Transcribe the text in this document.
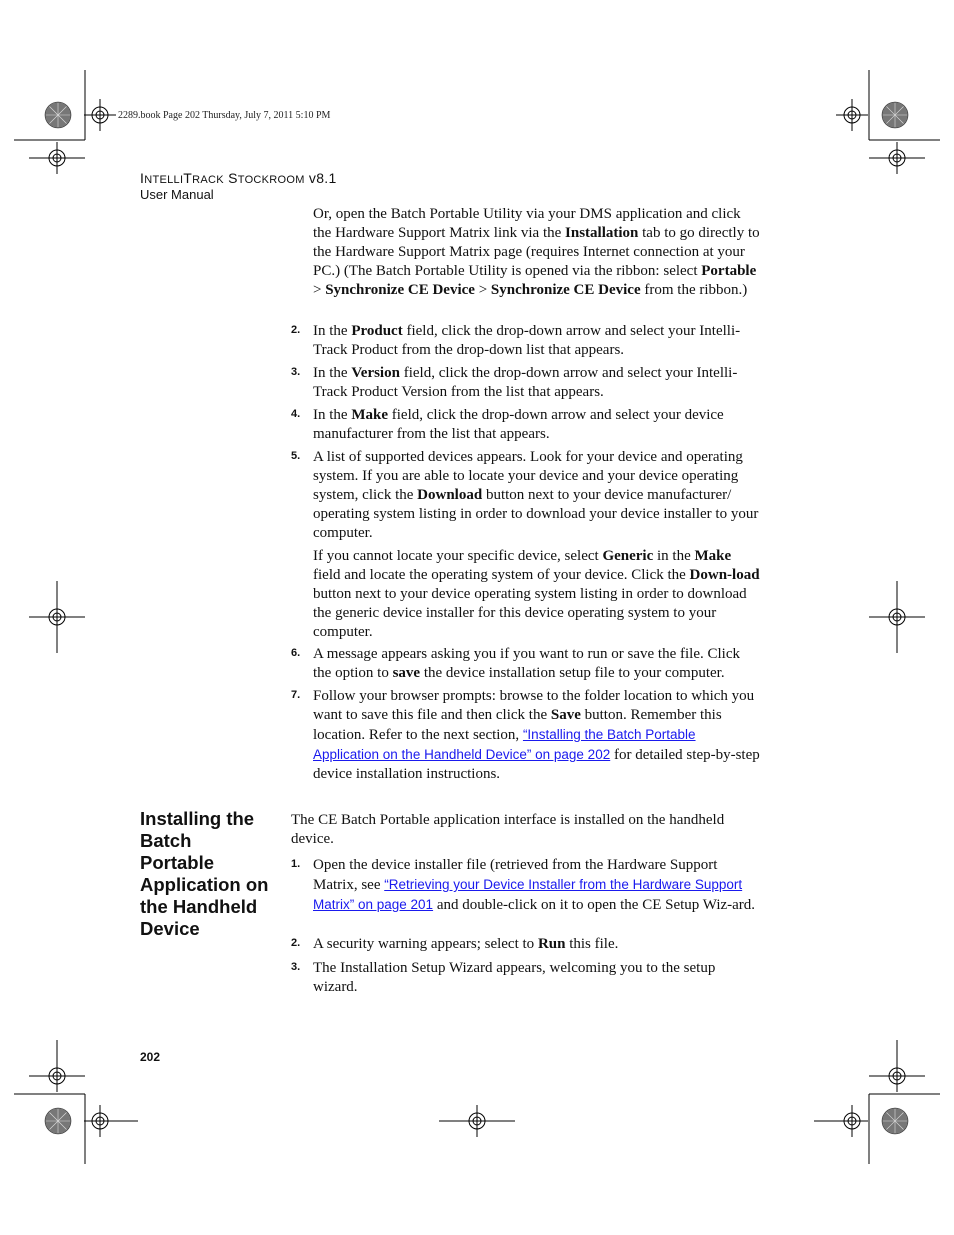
2289.book Page 202 Thursday, July 7, 2011 5:10 PM
INTELLITRACK STOCKROOM v8.1
User Manual

Or, open the Batch Portable Utility via your DMS application and click the Hardware Support Matrix link via the Installation tab to go directly to the Hardware Support Matrix page (requires Internet connection at your PC.) (The Batch Portable Utility is opened via the ribbon: select Portable > Synchronize CE Device > Synchronize CE Device from the ribbon.)

2. In the Product field, click the drop-down arrow and select your Intelli-Track Product from the drop-down list that appears.

3. In the Version field, click the drop-down arrow and select your Intelli-Track Product Version from the list that appears.

4. In the Make field, click the drop-down arrow and select your device manufacturer from the list that appears.

5. A list of supported devices appears. Look for your device and operating system. If you are able to locate your device and your device operating system, click the Download button next to your device manufacturer/ operating system listing in order to download your device installer to your computer.

If you cannot locate your specific device, select Generic in the Make field and locate the operating system of your device. Click the Down-load button next to your device operating system listing in order to download the generic device installer for this device operating system to your computer.

6. A message appears asking you if you want to run or save the file. Click the option to save the device installation setup file to your computer.

7. Follow your browser prompts: browse to the folder location to which you want to save this file and then click the Save button. Remember this location. Refer to the next section, “Installing the Batch Portable Application on the Handheld Device” on page 202 for detailed step-by-step device installation instructions.

Installing the Batch Portable Application on the Handheld Device

The CE Batch Portable application interface is installed on the handheld device.

1. Open the device installer file (retrieved from the Hardware Support Matrix, see “Retrieving your Device Installer from the Hardware Support Matrix” on page 201 and double-click on it to open the CE Setup Wiz-ard.

2. A security warning appears; select to Run this file.

3. The Installation Setup Wizard appears, welcoming you to the setup wizard.

202
